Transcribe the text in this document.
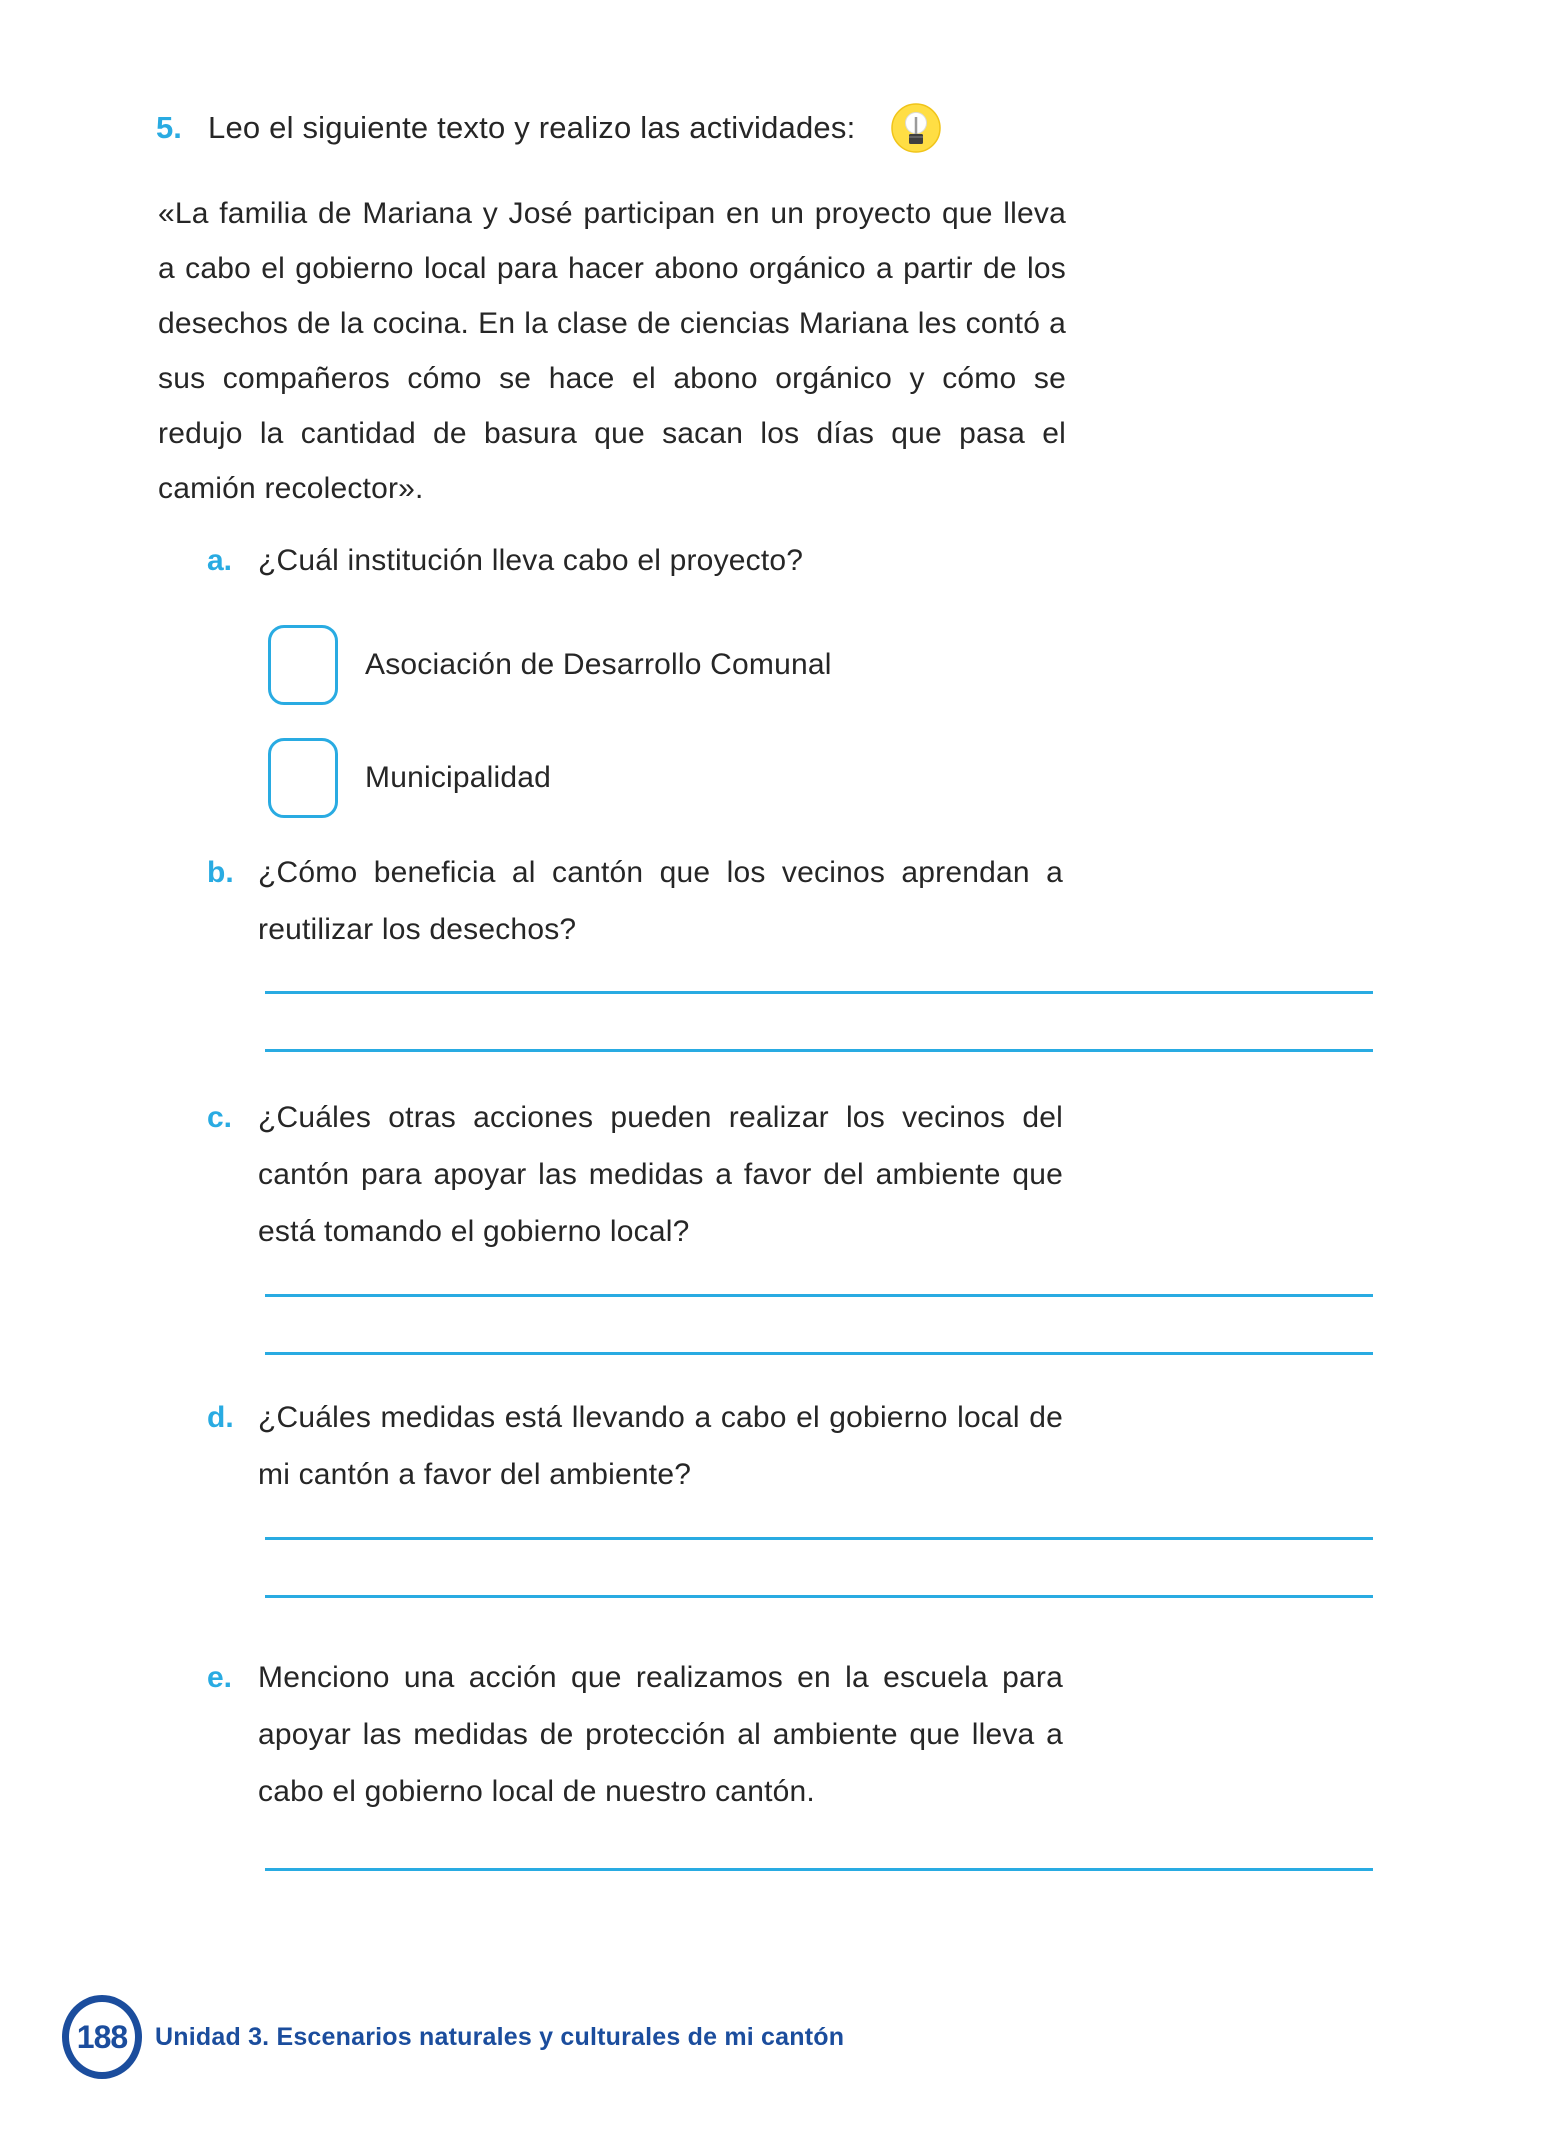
5. Leo el siguiente texto y realizo las actividades:

«La familia de Mariana y José participan en un proyecto que lleva a cabo el gobierno local para hacer abono orgánico a partir de los desechos de la cocina. En la clase de ciencias Mariana les contó a sus compañeros cómo se hace el abono orgánico y cómo se redujo la cantidad de basura que sacan los días que pasa el camión recolector».

a. ¿Cuál institución lleva cabo el proyecto?
Asociación de Desarrollo Comunal
Municipalidad
b. ¿Cómo beneficia al cantón que los vecinos aprendan a reutilizar los desechos?
c. ¿Cuáles otras acciones pueden realizar los vecinos del cantón para apoyar las medidas a favor del ambiente que está tomando el gobierno local?
d. ¿Cuáles medidas está llevando a cabo el gobierno local de mi cantón a favor del ambiente?
e. Menciono una acción que realizamos en la escuela para apoyar las medidas de protección al ambiente que lleva a cabo el gobierno local de nuestro cantón.
188	Unidad 3. Escenarios naturales y culturales de mi cantón
